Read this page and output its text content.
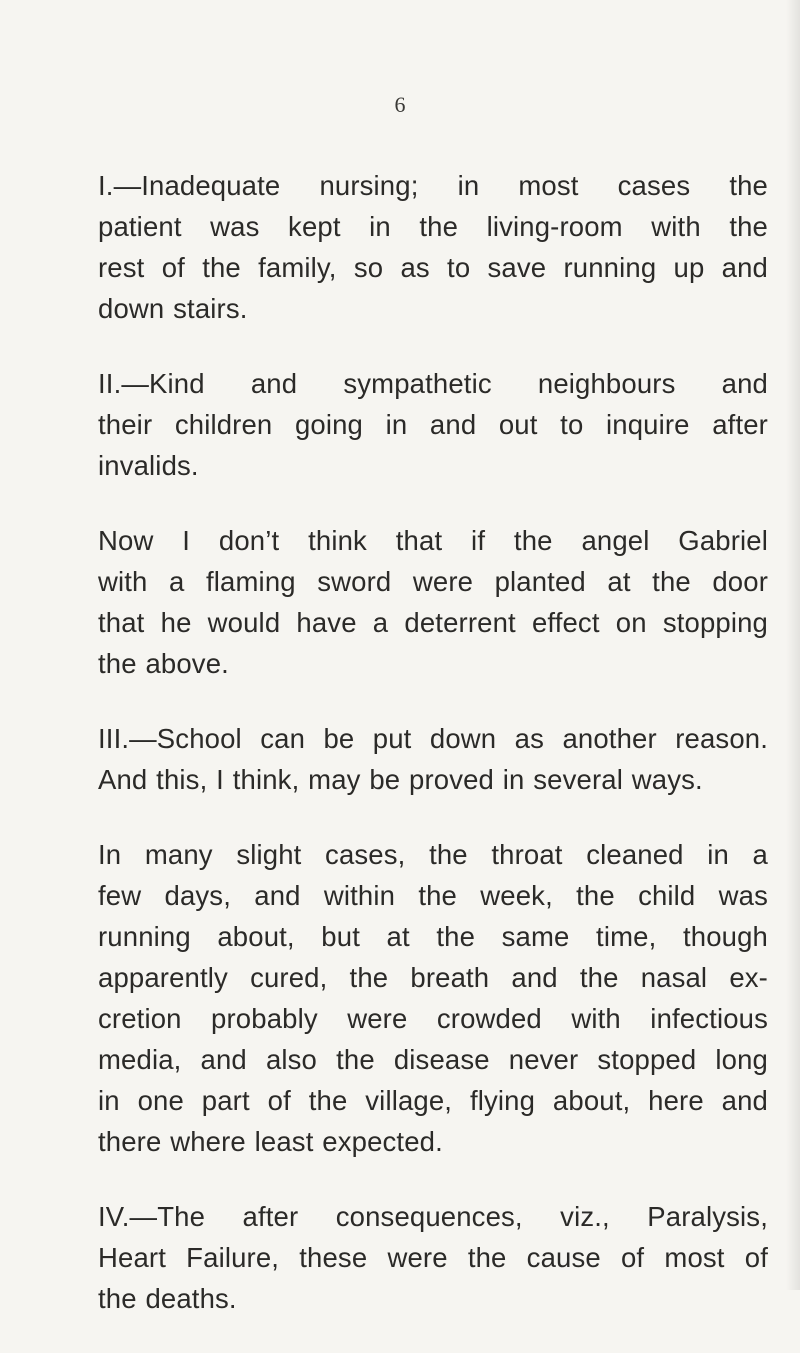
6

I.—Inadequate nursing; in most cases the
patient was kept in the living-room with the
rest of the family, so as to save running up and
down stairs.

II.—Kind and sympathetic neighbours and
their children going in and out to inquire after
invalids.

Now I don’t think that if the angel Gabriel
with a flaming sword were planted at the door
that he would have a deterrent effect on stopping
the above.

III.—School can be put down as another reason.
And this, I think, may be proved in several ways.

In many slight cases, the throat cleaned in a
few days, and within the week, the child was
running about, but at the same time, though
apparently cured, the breath and the nasal ex-
cretion probably were crowded with infectious
media, and also the disease never stopped long
in one part of the village, flying about, here and
there where least expected.

IV.—The after consequences, viz., Paralysis,
Heart Failure, these were the cause of most of
the deaths.
